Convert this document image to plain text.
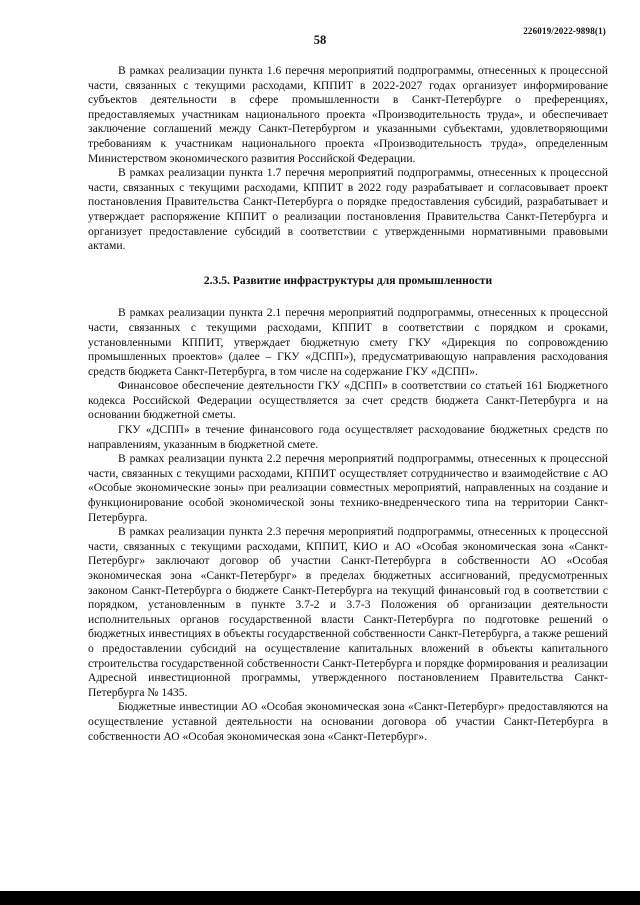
226019/2022-9898(1)
58

В рамках реализации пункта 1.6 перечня мероприятий подпрограммы, отнесенных к процессной части, связанных с текущими расходами, КППИТ в 2022-2027 годах организует информирование субъектов деятельности в сфере промышленности в Санкт-Петербурге о преференциях, предоставляемых участникам национального проекта «Производительность труда», и обеспечивает заключение соглашений между Санкт-Петербургом и указанными субъектами, удовлетворяющими требованиям к участникам национального проекта «Производительность труда», определенным Министерством экономического развития Российской Федерации.

В рамках реализации пункта 1.7 перечня мероприятий подпрограммы, отнесенных к процессной части, связанных с текущими расходами, КППИТ в 2022 году разрабатывает и согласовывает проект постановления Правительства Санкт-Петербурга о порядке предоставления субсидий, разрабатывает и утверждает распоряжение КППИТ о реализации постановления Правительства Санкт-Петербурга и организует предоставление субсидий в соответствии с утвержденными нормативными правовыми актами.

2.3.5. Развитие инфраструктуры для промышленности

В рамках реализации пункта 2.1 перечня мероприятий подпрограммы, отнесенных к процессной части, связанных с текущими расходами, КППИТ в соответствии с порядком и сроками, установленными КППИТ, утверждает бюджетную смету ГКУ «Дирекция по сопровождению промышленных проектов» (далее – ГКУ «ДСПП»), предусматривающую направления расходования средств бюджета Санкт-Петербурга, в том числе на содержание ГКУ «ДСПП».

Финансовое обеспечение деятельности ГКУ «ДСПП» в соответствии со статьей 161 Бюджетного кодекса Российской Федерации осуществляется за счет средств бюджета Санкт-Петербурга и на основании бюджетной сметы.

ГКУ «ДСПП» в течение финансового года осуществляет расходование бюджетных средств по направлениям, указанным в бюджетной смете.

В рамках реализации пункта 2.2 перечня мероприятий подпрограммы, отнесенных к процессной части, связанных с текущими расходами, КППИТ осуществляет сотрудничество и взаимодействие с АО «Особые экономические зоны» при реализации совместных мероприятий, направленных на создание и функционирование особой экономической зоны технико-внедренческого типа на территории Санкт-Петербурга.

В рамках реализации пункта 2.3 перечня мероприятий подпрограммы, отнесенных к процессной части, связанных с текущими расходами, КППИТ, КИО и АО «Особая экономическая зона «Санкт-Петербург» заключают договор об участии Санкт-Петербурга в собственности АО «Особая экономическая зона «Санкт-Петербург» в пределах бюджетных ассигнований, предусмотренных законом Санкт-Петербурга о бюджете Санкт-Петербурга на текущий финансовый год в соответствии с порядком, установленным в пункте 3.7-2 и 3.7-3 Положения об организации деятельности исполнительных органов государственной власти Санкт-Петербурга по подготовке решений о бюджетных инвестициях в объекты государственной собственности Санкт-Петербурга, а также решений о предоставлении субсидий на осуществление капитальных вложений в объекты капитального строительства государственной собственности Санкт-Петербурга и порядке формирования и реализации Адресной инвестиционной программы, утвержденного постановлением Правительства Санкт-Петербурга № 1435.

Бюджетные инвестиции АО «Особая экономическая зона «Санкт-Петербург» предоставляются на осуществление уставной деятельности на основании договора об участии Санкт-Петербурга в собственности АО «Особая экономическая зона «Санкт-Петербург».
